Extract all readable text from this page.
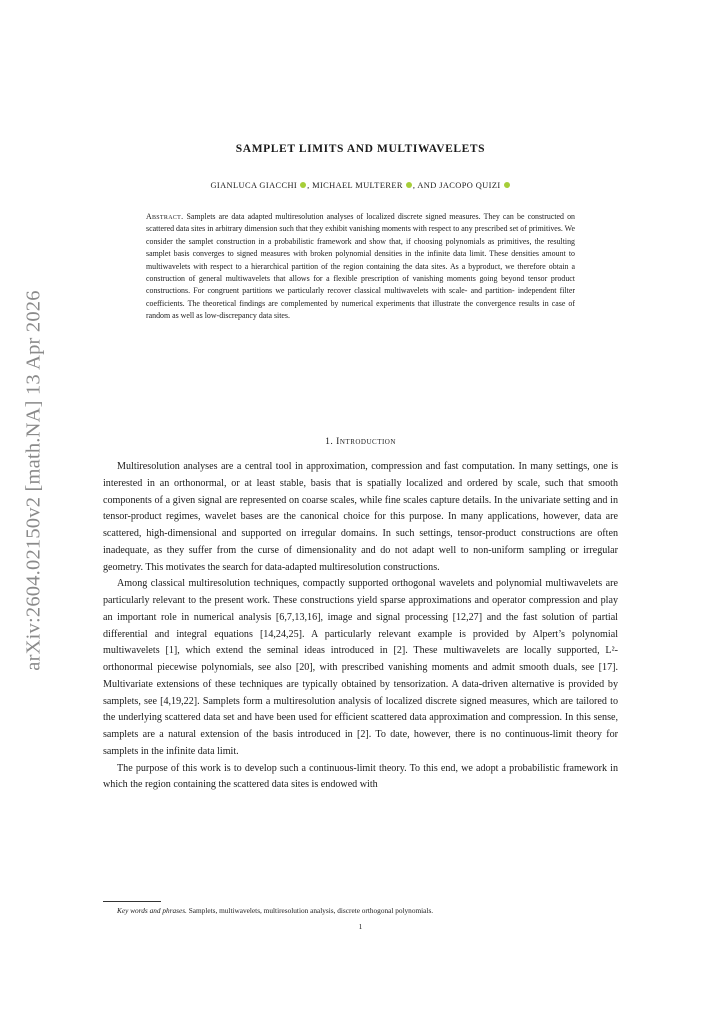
arXiv:2604.02150v2 [math.NA] 13 Apr 2026
SAMPLET LIMITS AND MULTIWAVELETS
GIANLUCA GIACCHI , MICHAEL MULTERER , AND JACOPO QUIZI
Abstract. Samplets are data adapted multiresolution analyses of localized discrete signed measures. They can be constructed on scattered data sites in arbitrary dimension such that they exhibit vanishing moments with respect to any prescribed set of primitives. We consider the samplet construction in a probabilistic framework and show that, if choosing polynomials as primitives, the resulting samplet basis converges to signed measures with broken polynomial densities in the infinite data limit. These densities amount to multiwavelets with respect to a hierarchical partition of the region containing the data sites. As a byproduct, we therefore obtain a construction of general multiwavelets that allows for a flexible prescription of vanishing moments going beyond tensor product constructions. For congruent partitions we particularly recover classical multiwavelets with scale- and partition- independent filter coefficients. The theoretical findings are complemented by numerical experiments that illustrate the convergence results in case of random as well as low-discrepancy data sites.
1. Introduction

Multiresolution analyses are a central tool in approximation, compression and fast computation. In many settings, one is interested in an orthonormal, or at least stable, basis that is spatially localized and ordered by scale, such that smooth components of a given signal are represented on coarse scales, while fine scales capture details. In the univariate setting and in tensor-product regimes, wavelet bases are the canonical choice for this purpose. In many applications, however, data are scattered, high-dimensional and supported on irregular domains. In such settings, tensor-product constructions are often inadequate, as they suffer from the curse of dimensionality and do not adapt well to non-uniform sampling or irregular geometry. This motivates the search for data-adapted multiresolution constructions.

Among classical multiresolution techniques, compactly supported orthogonal wavelets and polynomial multiwavelets are particularly relevant to the present work. These constructions yield sparse approximations and operator compression and play an important role in numerical analysis [6,7,13,16], image and signal processing [12,27] and the fast solution of partial differential and integral equations [14,24,25]. A particularly relevant example is provided by Alpert’s polynomial multiwavelets [1], which extend the seminal ideas introduced in [2]. These multiwavelets are locally supported, L²-orthonormal piecewise polynomials, see also [20], with prescribed vanishing moments and admit smooth duals, see [17]. Multivariate extensions of these techniques are typically obtained by tensorization. A data-driven alternative is provided by samplets, see [4,19,22]. Samplets form a multiresolution analysis of localized discrete signed measures, which are tailored to the underlying scattered data set and have been used for efficient scattered data approximation and compression. In this sense, samplets are a natural extension of the basis introduced in [2]. To date, however, there is no continuous-limit theory for samplets in the infinite data limit.

The purpose of this work is to develop such a continuous-limit theory. To this end, we adopt a probabilistic framework in which the region containing the scattered data sites is endowed with

Key words and phrases. Samplets, multiwavelets, multiresolution analysis, discrete orthogonal polynomials.
1
